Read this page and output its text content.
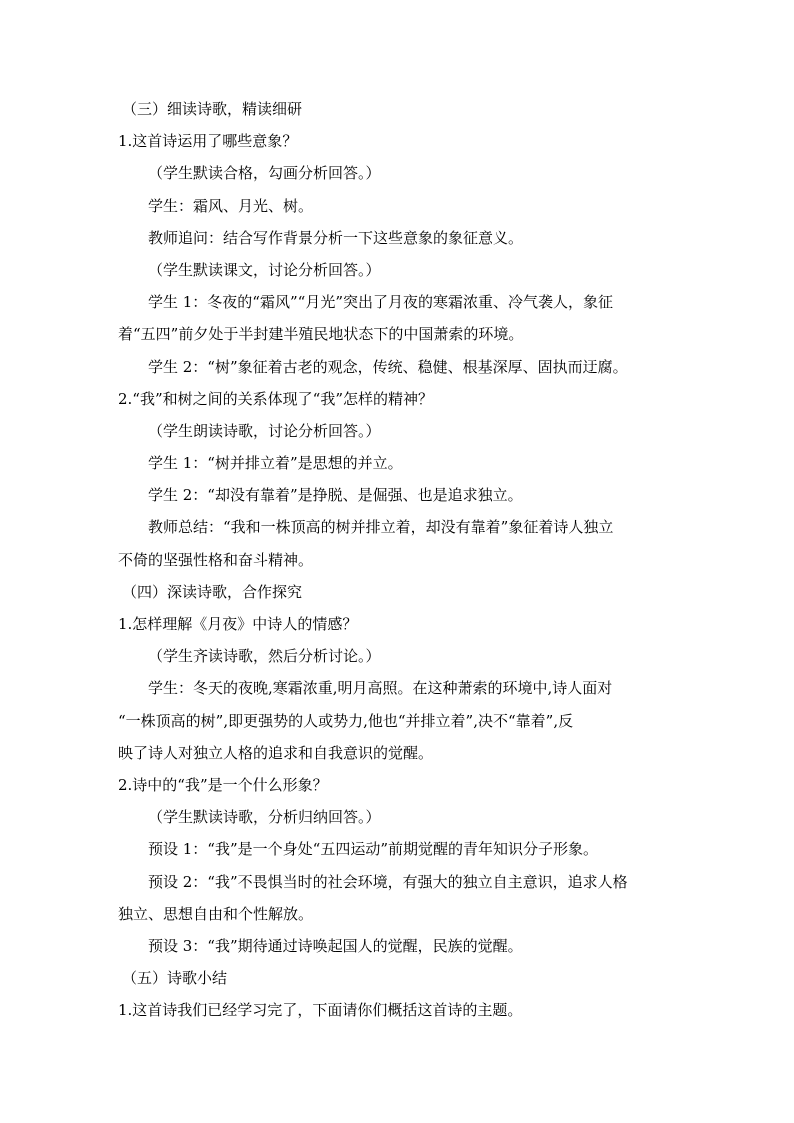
（三）细读诗歌，精读细研
1.这首诗运用了哪些意象？
（学生默读合格，勾画分析回答。）
学生：霜风、月光、树。
教师追问：结合写作背景分析一下这些意象的象征意义。
（学生默读课文，讨论分析回答。）
学生 1：冬夜的“霜风”“月光”突出了月夜的寒霜浓重、冷气袭人，象征
着“五四”前夕处于半封建半殖民地状态下的中国萧索的环境。
学生 2：“树”象征着古老的观念，传统、稳健、根基深厚、固执而迂腐。
2.“我”和树之间的关系体现了“我”怎样的精神？
（学生朗读诗歌，讨论分析回答。）
学生 1：“树并排立着”是思想的并立。
学生 2：“却没有靠着”是挣脱、是倔强、也是追求独立。
教师总结：“我和一株顶高的树并排立着，却没有靠着”象征着诗人独立
不倚的坚强性格和奋斗精神。
（四）深读诗歌，合作探究
1.怎样理解《月夜》中诗人的情感？
（学生齐读诗歌，然后分析讨论。）
学生：冬天的夜晚,寒霜浓重,明月高照。在这种萧索的环境中,诗人面对
“一株顶高的树”,即更强势的人或势力,他也“并排立着”,决不“靠着”,反
映了诗人对独立人格的追求和自我意识的觉醒。
2.诗中的“我”是一个什么形象？
（学生默读诗歌，分析归纳回答。）
预设 1：“我”是一个身处“五四运动”前期觉醒的青年知识分子形象。
预设 2：“我”不畏惧当时的社会环境，有强大的独立自主意识，追求人格
独立、思想自由和个性解放。
预设 3：“我”期待通过诗唤起国人的觉醒，民族的觉醒。
（五）诗歌小结
1.这首诗我们已经学习完了，下面请你们概括这首诗的主题。
